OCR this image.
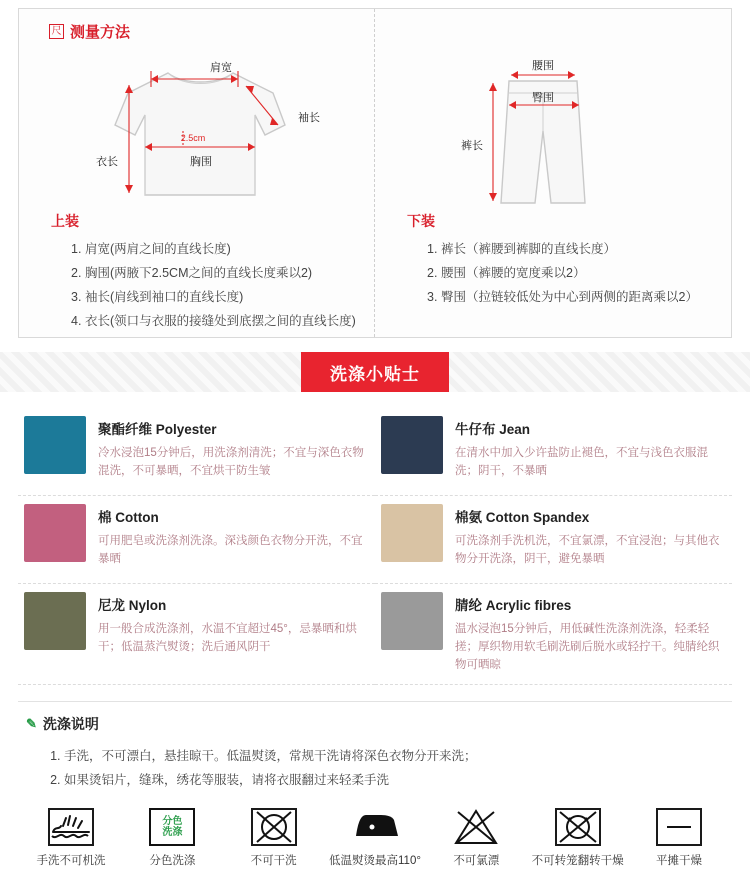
尺 测量方法
肩宽
袖长
衣长	胸围
2.5cm
上装
1. 肩宽(两肩之间的直线长度)
2. 胸围(两腋下2.5CM之间的直线长度乘以2)
3. 袖长(肩线到袖口的直线长度)
4. 衣长(领口与衣服的接缝处到底摆之间的直线长度)
腰围
臀围
裤长
下装
1. 裤长（裤腰到裤脚的直线长度）
2. 腰围（裤腰的宽度乘以2）
3. 臀围（拉链较低处为中心到两侧的距离乘以2）
洗涤小贴士
聚酯纤维 Polyester
冷水浸泡15分钟后，用洗涤剂清洗；不宜与深色衣物混洗，不可暴晒，不宜烘干防生皱
牛仔布 Jean
在清水中加入少许盐防止褪色，不宜与浅色衣服混洗；阴干，不暴晒
棉 Cotton
可用肥皂或洗涤剂洗涤。深浅颜色衣物分开洗，不宜暴晒
棉氨 Cotton Spandex
可洗涤剂手洗机洗，不宜氯漂，不宜浸泡；与其他衣物分开洗涤，阴干，避免暴晒
尼龙 Nylon
用一般合成洗涤剂，水温不宜超过45°，忌暴晒和烘干；低温蒸汽熨烫；洗后通风阴干
腈纶 Acrylic fibres
温水浸泡15分钟后，用低碱性洗涤剂洗涤，轻柔轻搓；厚织物用软毛刷洗刷后脱水或轻拧干。纯腈纶织物可晒晾
✎ 洗涤说明
1. 手洗，不可漂白，悬挂晾干。低温熨烫，常规干洗请将深色衣物分开来洗；
2. 如果烫铝片，缝珠，绣花等服装，请将衣服翻过来轻柔手洗
手洗不可机洗
分色
洗涤
分色洗涤	不可干洗	低温熨烫最高110°	不可氯漂	不可转笼翻转干燥	平摊干燥
